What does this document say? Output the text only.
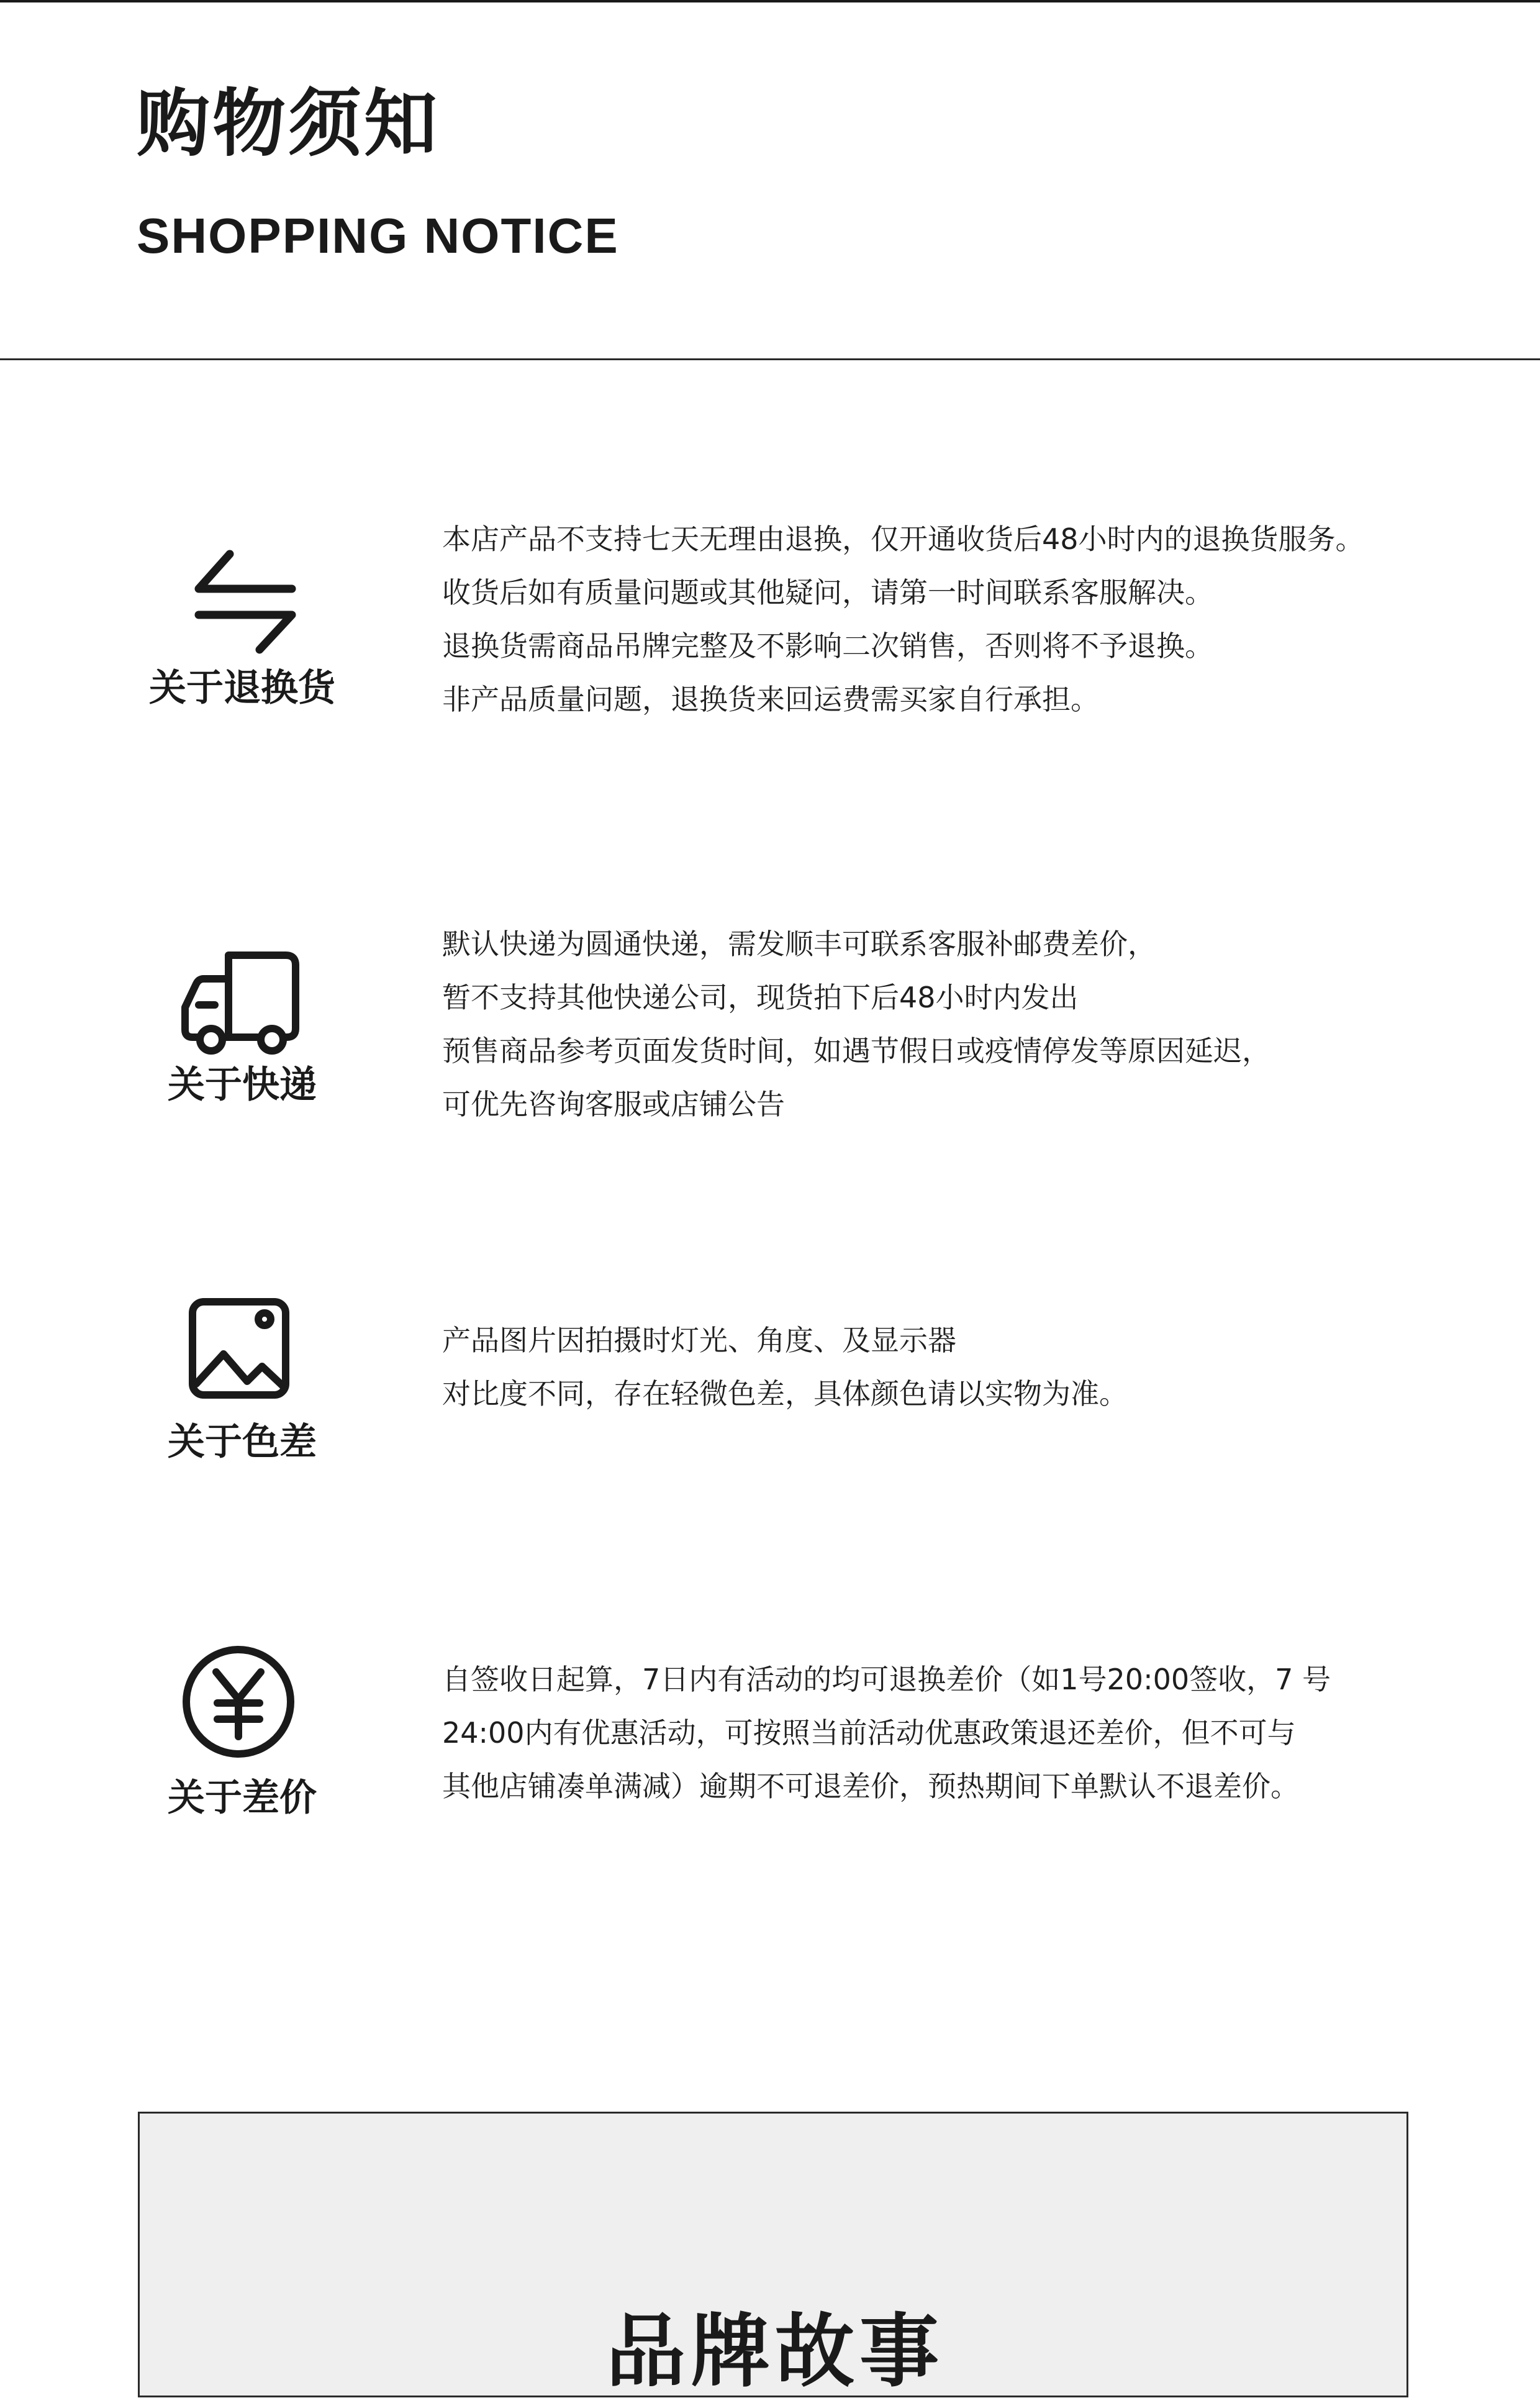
购物须知
SHOPPING NOTICE
关于退换货
本店产品不支持七天无理由退换，仅开通收货后48小时内的退换货服务。
收货后如有质量问题或其他疑问，请第一时间联系客服解决。
退换货需商品吊牌完整及不影响二次销售，否则将不予退换。
非产品质量问题，退换货来回运费需买家自行承担。
关于快递
默认快递为圆通快递，需发顺丰可联系客服补邮费差价，
暂不支持其他快递公司，现货拍下后48小时内发出
预售商品参考页面发货时间，如遇节假日或疫情停发等原因延迟，
可优先咨询客服或店铺公告
关于色差
产品图片因拍摄时灯光、角度、及显示器
对比度不同，存在轻微色差，具体颜色请以实物为准。
关于差价
自签收日起算，7日内有活动的均可退换差价（如1号20:00签收，7 号
24:00内有优惠活动，可按照当前活动优惠政策退还差价，但不可与
其他店铺凑单满减）逾期不可退差价，预热期间下单默认不退差价。
品牌故事
